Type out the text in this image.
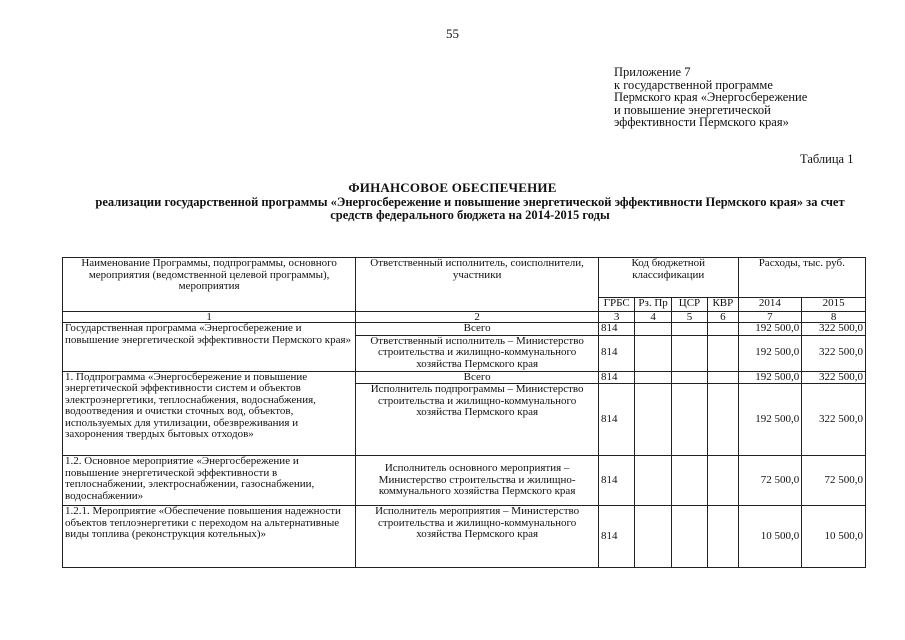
55
Приложение 7
к государственной программе
Пермского края «Энергосбережение
и повышение энергетической
эффективности Пермского края»
Таблица 1
ФИНАНСОВОЕ ОБЕСПЕЧЕНИЕ
реализации государственной программы «Энергосбережение и повышение энергетической эффективности Пермского края» за счет средств федерального бюджета на 2014-2015 годы
Наименование Программы, подпрограммы, основного мероприятия (ведомственной целевой программы), мероприятия	Ответственный исполнитель, соисполнители, участники	Код бюджетной классификации				Расходы, тыс. руб.	
		ГРБС	Рз. Пр	ЦСР	КВР	2014	2015
1	2	3	4	5	6	7	8
Государственная программа «Энергосбережение и повышение энергетической эффективности Пермского края»	Всего	814				192 500,0	322 500,0
	Ответственный исполнитель – Министерство строительства и жилищно-коммунального хозяйства Пермского края	814				192 500,0	322 500,0
1. Подпрограмма «Энергосбережение и повышение энергетической эффективности систем и объектов электроэнергетики, теплоснабжения, водоснабжения, водоотведения и очистки сточных вод, объектов, используемых для утилизации, обезвреживания и захоронения твердых бытовых отходов»	Всего	814				192 500,0	322 500,0
	Исполнитель подпрограммы – Министерство строительства и жилищно-коммунального хозяйства Пермского края	814				192 500,0	322 500,0
1.2. Основное мероприятие «Энергосбережение и повышение энергетической эффективности в теплоснабжении, электроснабжении, газоснабжении, водоснабжении»	Исполнитель основного мероприятия – Министерство строительства и жилищно-коммунального хозяйства Пермского края	814				72 500,0	72 500,0
1.2.1. Мероприятие «Обеспечение повышения надежности объектов теплоэнергетики с переходом на альтернативные виды топлива (реконструкция котельных)»	Исполнитель мероприятия – Министерство строительства и жилищно-коммунального хозяйства Пермского края	814				10 500,0	10 500,0
